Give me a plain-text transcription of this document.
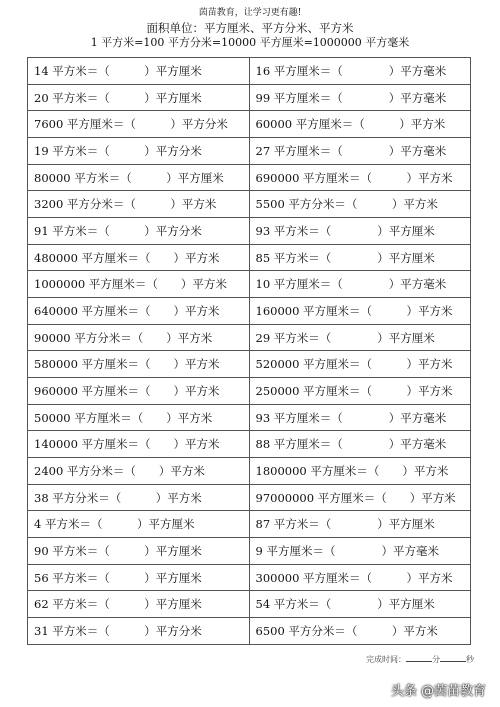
茵苗教育，让学习更有趣!
面积单位：平方厘米、平方分米、平方米
1 平方米=100 平方分米=10000 平方厘米=1000000 平方毫米
14 平方米＝（　　　）平方厘米	16 平方厘米＝（　　　　）平方毫米
20 平方米＝（　　　）平方厘米	99 平方厘米＝（　　　　）平方毫米
7600 平方厘米＝（　　　）平方分米	60000 平方厘米＝（　　　）平方米
19 平方米＝（　　　）平方分米	27 平方厘米＝（　　　　）平方毫米
80000 平方米＝（　　　）平方厘米	690000 平方厘米＝（　　　）平方米
3200 平方分米＝（　　　）平方米	5500 平方分米＝（　　　）平方米
91 平方米＝（　　　）平方分米	93 平方米＝（　　　　）平方厘米
480000 平方厘米＝（　　）平方米	85 平方米＝（　　　　）平方厘米
1000000 平方厘米＝（　　）平方米	10 平方厘米＝（　　　　）平方毫米
640000 平方厘米＝（　　）平方米	160000 平方厘米＝（　　　）平方米
90000 平方分米＝（　　）平方米	29 平方米＝（　　　　）平方厘米
580000 平方厘米＝（　　）平方米	520000 平方厘米＝（　　　）平方米
960000 平方厘米＝（　　）平方米	250000 平方厘米＝（　　　）平方米
50000 平方厘米＝（　　）平方米	93 平方厘米＝（　　　　）平方毫米
140000 平方厘米＝（　　）平方米	88 平方厘米＝（　　　　）平方毫米
2400 平方分米＝（　　）平方米	1800000 平方厘米＝（　　）平方米
38 平方分米＝（　　　）平方米	97000000 平方厘米＝（　　）平方米
4 平方米＝（　　　）平方厘米	87 平方米＝（　　　　）平方厘米
90 平方米＝（　　　）平方厘米	9 平方厘米＝（　　　　）平方毫米
56 平方米＝（　　　）平方厘米	300000 平方厘米＝（　　　）平方米
62 平方米＝（　　　）平方厘米	54 平方米＝（　　　　）平方厘米
31 平方米＝（　　　）平方分米	6500 平方分米＝（　　　）平方米
完成时间：	分	秒
头条 @茵苗教育
